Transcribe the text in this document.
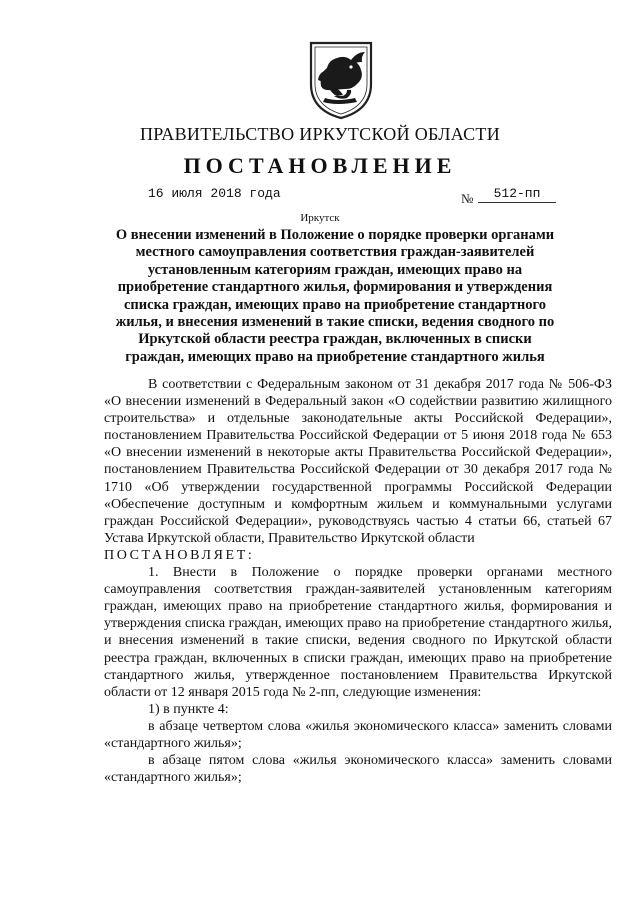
ПРАВИТЕЛЬСТВО ИРКУТСКОЙ ОБЛАСТИ
ПОСТАНОВЛЕНИЕ
16 июля 2018 года	№	512-пп
Иркутск
О внесении изменений в Положение о порядке проверки органами местного самоуправления соответствия граждан-заявителей установленным категориям граждан, имеющих право на приобретение стандартного жилья, формирования и утверждения списка граждан, имеющих право на приобретение стандартного жилья, и внесения изменений в такие списки, ведения сводного по Иркутской области реестра граждан, включенных в списки граждан, имеющих право на приобретение стандартного жилья

В соответствии с Федеральным законом от 31 декабря 2017 года № 506-ФЗ «О внесении изменений в Федеральный закон «О содействии развитию жилищного строительства» и отдельные законодательные акты Российской Федерации», постановлением Правительства Российской Федерации от 5 июня 2018 года № 653 «О внесении изменений в некоторые акты Правительства Российской Федерации», постановлением Правительства Российской Федерации от 30 декабря 2017 года № 1710 «Об утверждении государственной программы Российской Федерации «Обеспечение доступным и комфортным жильем и коммунальными услугами граждан Российской Федерации», руководствуясь частью 4 статьи 66, статьей 67 Устава Иркутской области, Правительство Иркутской области

ПОСТАНОВЛЯЕТ:

1. Внести в Положение о порядке проверки органами местного самоуправления соответствия граждан-заявителей установленным категориям граждан, имеющих право на приобретение стандартного жилья, формирования и утверждения списка граждан, имеющих право на приобретение стандартного жилья, и внесения изменений в такие списки, ведения сводного по Иркутской области реестра граждан, включенных в списки граждан, имеющих право на приобретение стандартного жилья, утвержденное постановлением Правительства Иркутской области от 12 января 2015 года № 2-пп, следующие изменения:

1) в пункте 4:

в абзаце четвертом слова «жилья экономического класса» заменить словами «стандартного жилья»;

в абзаце пятом слова «жилья экономического класса» заменить словами «стандартного жилья»;
